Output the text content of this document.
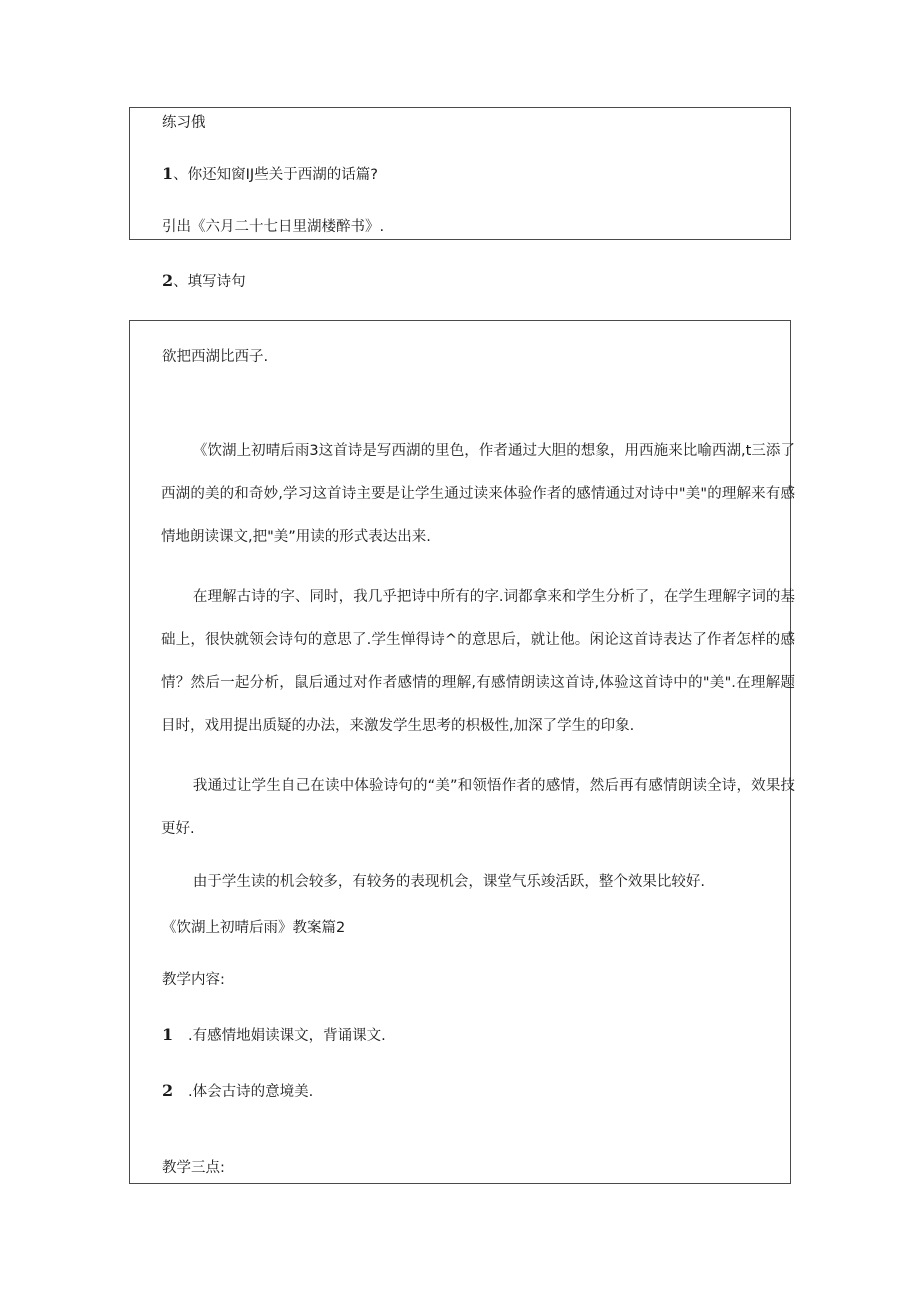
练习俄
1、你还知窗IJ些关于西湖的话篇?
引出《六月二十七日里湖楼醉书》.
2、填写诗句
欲把西湖比西子.
《饮湖上初晴后雨3这首诗是写西湖的里色，作者通过大胆的想象，用西施来比喻西湖,t三添了西湖的美的和奇妙,学习这首诗主要是让学生通过读来体验作者的感情通过对诗中"美"的理解来有感情地朗读课文,把"美”用读的形式表达出来.
在理解古诗的字、同时，我几乎把诗中所有的字.词都拿来和学生分析了，在学生理解字词的基础上，很快就领会诗句的意思了.学生惮得诗^的意思后，就让他。闲论这首诗表达了作者怎样的感情？然后一起分析，鼠后通过对作者感情的理解,有感情朗读这首诗,体验这首诗中的"美".在理解题目时，戏用提出质疑的办法，来激发学生思考的枳极性,加深了学生的印象.
我通过让学生自己在读中体验诗句的“美”和领悟作者的感情，然后再有感情朗读全诗，效果技更好.
由于学生读的机会较多，有较务的表现机会，课堂气乐竣活跃，整个效果比较好.
《饮湖上初晴后雨》教案篇2
教学内容:
1 .有感情地娟读课文，背诵课文.
2 .体会古诗的意境美.
教学三点:
